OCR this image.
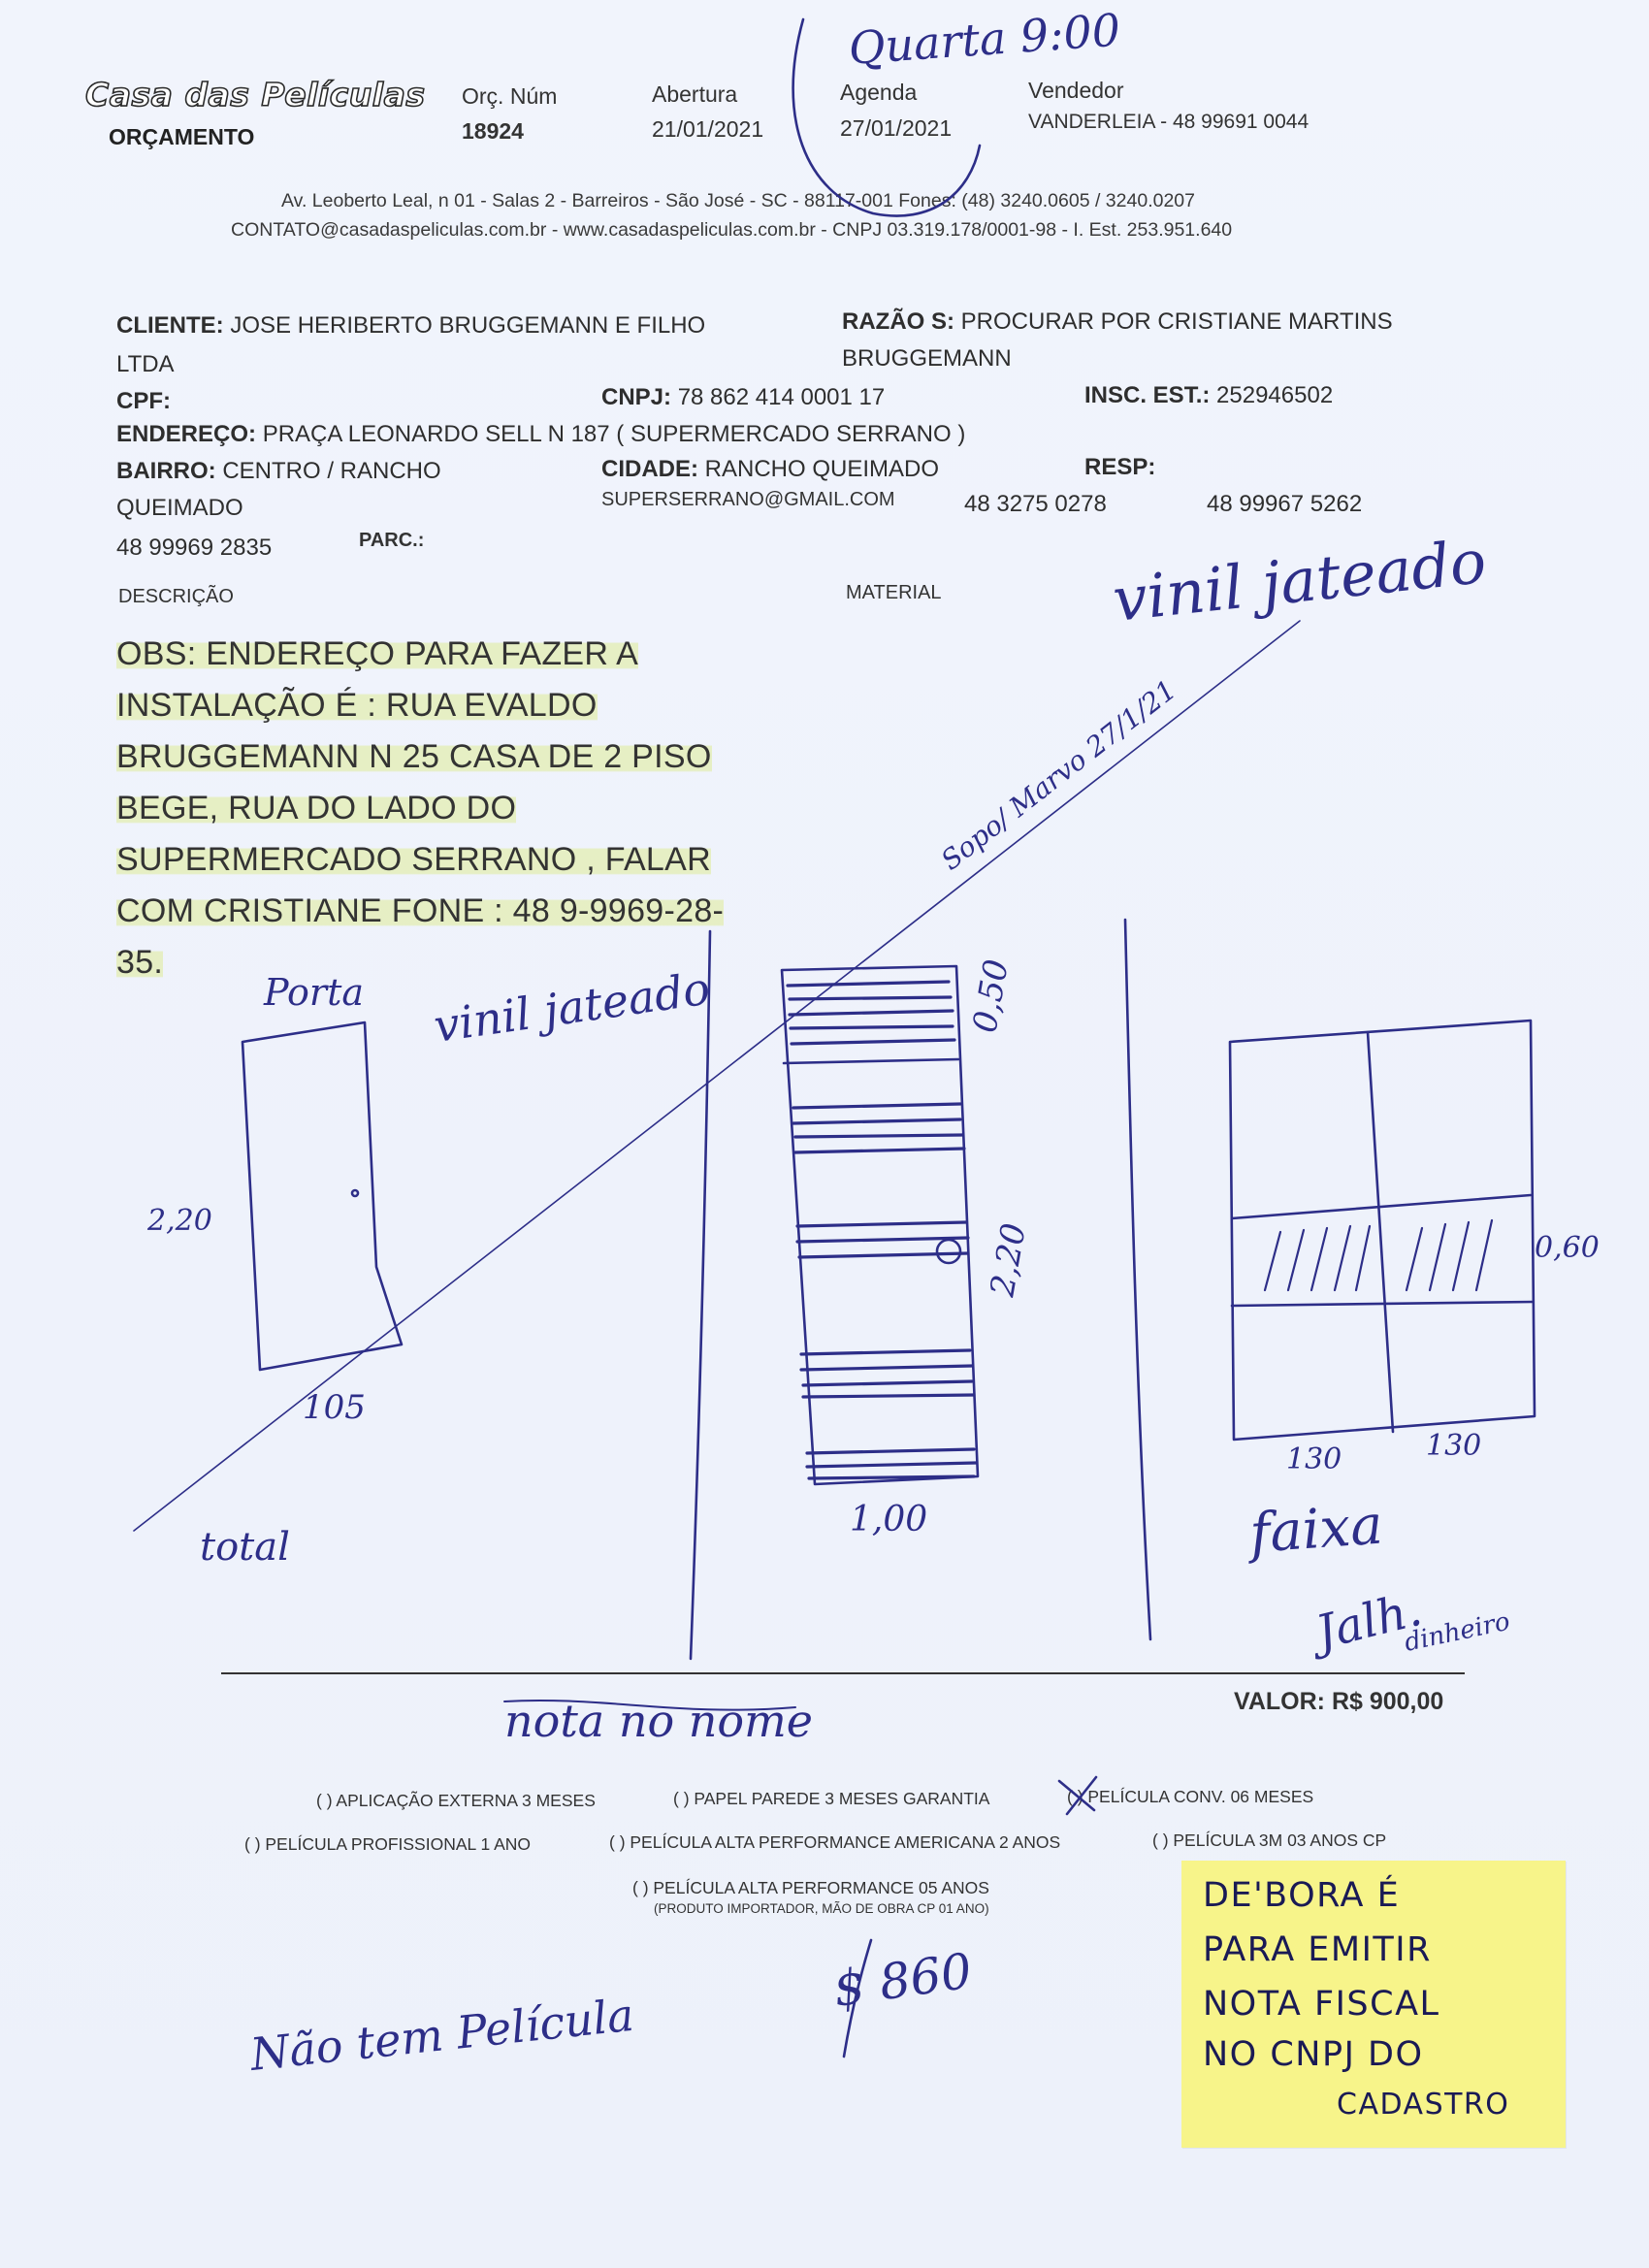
Casa das Películas
ORÇAMENTO
Orç. Núm
18924
Abertura
21/01/2021
Agenda
27/01/2021
Vendedor
VANDERLEIA - 48 99691 0044
Av. Leoberto Leal, n 01 - Salas 2 - Barreiros - São José - SC - 88117-001 Fones: (48) 3240.0605 / 3240.0207
CONTATO@casadaspeliculas.com.br - www.casadaspeliculas.com.br - CNPJ 03.319.178/0001-98 - I. Est. 253.951.640
CLIENTE: JOSE HERIBERTO BRUGGEMANN E FILHO
LTDA
RAZÃO S: PROCURAR POR CRISTIANE MARTINS
BRUGGEMANN
CPF:	CNPJ: 78 862 414 0001 17	INSC. EST.: 252946502
ENDEREÇO: PRAÇA LEONARDO SELL N 187 ( SUPERMERCADO SERRANO )
BAIRRO: CENTRO / RANCHO
QUEIMADO
CIDADE: RANCHO QUEIMADO	RESP:
SUPERSERRANO@GMAIL.COM	48 3275 0278	48 99967 5262
48 99969 2835	PARC.:
DESCRIÇÃO	MATERIAL
OBS: ENDEREÇO PARA FAZER A
INSTALAÇÃO É : RUA EVALDO
BRUGGEMANN N 25 CASA DE 2 PISO
BEGE, RUA DO LADO DO
SUPERMERCADO SERRANO , FALAR
COM CRISTIANE FONE : 48 9-9969-28-
35.
VALOR: R$ 900,00
( ) APLICAÇÃO EXTERNA 3 MESES	( ) PAPEL PAREDE 3 MESES GARANTIA	( ) PELÍCULA CONV. 06 MESES
( ) PELÍCULA PROFISSIONAL 1 ANO	( ) PELÍCULA ALTA PERFORMANCE AMERICANA 2 ANOS	( ) PELÍCULA 3M 03 ANOS CP
( ) PELÍCULA ALTA PERFORMANCE 05 ANOS
(PRODUTO IMPORTADOR, MÃO DE OBRA CP 01 ANO)	DE'BORA É
PARA EMITIR
NOTA FISCAL
NO CNPJ DO
CADASTRO
Quarta 9:00
vinil jateado
Sopo/ Marvo 27/1/21
Porta vinil jateado
2,20
105
0,50
2,20
1,00
0,60
130	130
faixa
Jalh.
dinheiro
total
nota no nome
Não tem Película
$ 860
